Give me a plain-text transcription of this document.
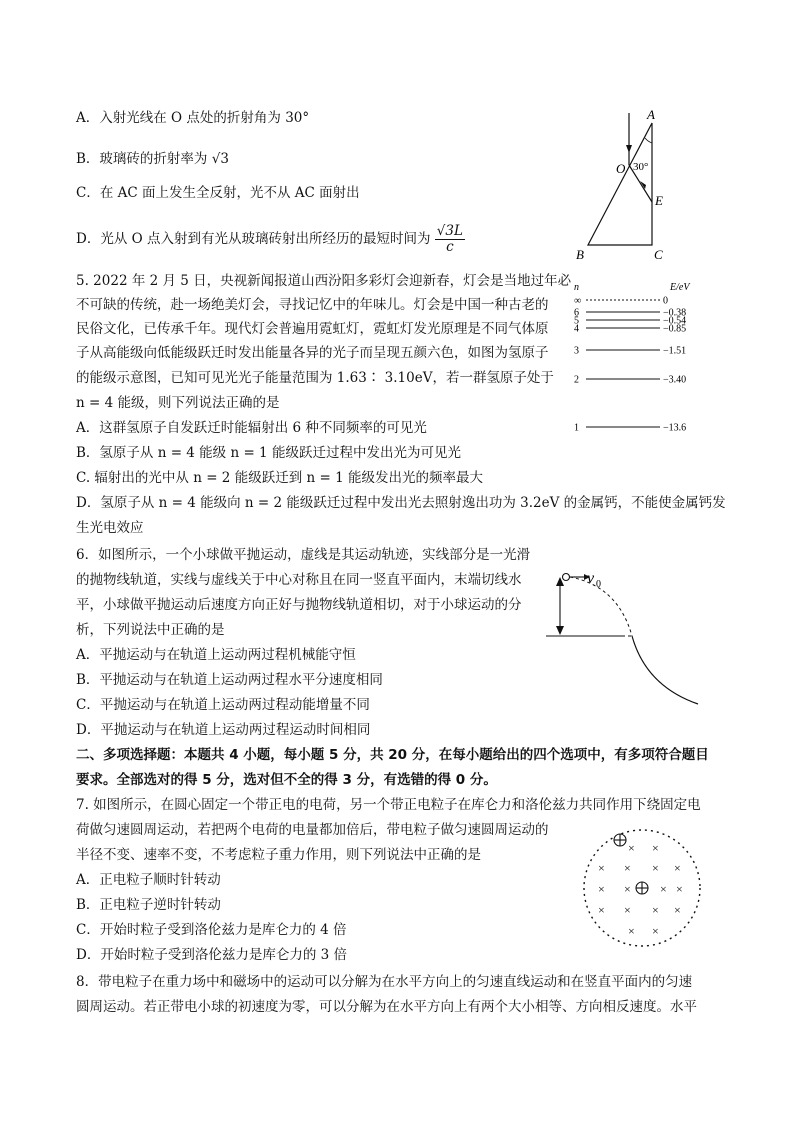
A．入射光线在 O 点处的折射角为 30°
B．玻璃砖的折射率为 √3
C．在 AC 面上发生全反射，光不从 AC 面射出
D．光从 O 点入射到有光从玻璃砖射出所经历的最短时间为 $\frac{√3L}{c}$
A
O 30°
E
B	C
5. 2022 年 2 月 5 日，央视新闻报道山西汾阳多彩灯会迎新春，灯会是当地过年必
不可缺的传统，赴一场绝美灯会，寻找记忆中的年味儿。灯会是中国一种古老的
民俗文化，已传承千年。现代灯会普遍用霓虹灯，霓虹灯发光原理是不同气体原
子从高能级向低能级跃迁时发出能量各异的光子而呈现五颜六色，如图为氢原子
的能级示意图，已知可见光光子能量范围为 1.63∶ 3.10eV，若一群氢原子处于
n = 4 能级，则下列说法正确的是
A．这群氢原子自发跃迁时能辐射出 6 种不同频率的可见光
B．氢原子从 n = 4 能级 n = 1 能级跃迁过程中发出光为可见光
C. 辐射出的光中从 n = 2 能级跃迁到 n = 1 能级发出光的频率最大
D．氢原子从 n = 4 能级向 n = 2 能级跃迁过程中发出光去照射逸出功为 3.2eV 的金属钙，不能使金属钙发
生光电效应
n	E/eV
∞	0
6	−0.38
5	−0.54
4	−0.85
3	−1.51
2	−3.40
1	−13.6
6．如图所示，一个小球做平抛运动，虚线是其运动轨迹，实线部分是一光滑
的抛物线轨道，实线与虚线关于中心对称且在同一竖直平面内，末端切线水
平，小球做平抛运动后速度方向正好与抛物线轨道相切，对于小球运动的分
析，下列说法中正确的是
A．平抛运动与在轨道上运动两过程机械能守恒
B．平抛运动与在轨道上运动两过程水平分速度相同
C．平抛运动与在轨道上运动两过程动能增量不同
D．平抛运动与在轨道上运动两过程运动时间相同
v 0
二、多项选择题：本题共 4 小题，每小题 5 分，共 20 分，在每小题给出的四个选项中，有多项符合题目
要求。全部选对的得 5 分，选对但不全的得 3 分，有选错的得 0 分。
7. 如图所示，在圆心固定一个带正电的电荷，另一个带正电粒子在库仑力和洛伦兹力共同作用下绕固定电
荷做匀速圆周运动，若把两个电荷的电量都加倍后，带电粒子做匀速圆周运动的
半径不变、速率不变，不考虑粒子重力作用，则下列说法中正确的是
A．正电粒子顺时针转动
B．正电粒子逆时针转动
C．开始时粒子受到洛伦兹力是库仑力的 4 倍
D．开始时粒子受到洛伦兹力是库仑力的 3 倍
× ×
× × × ×
× × × ×
× × × ×
× ×
8．带电粒子在重力场中和磁场中的运动可以分解为在水平方向上的匀速直线运动和在竖直平面内的匀速
圆周运动。若正带电小球的初速度为零，可以分解为在水平方向上有两个大小相等、方向相反速度。水平
